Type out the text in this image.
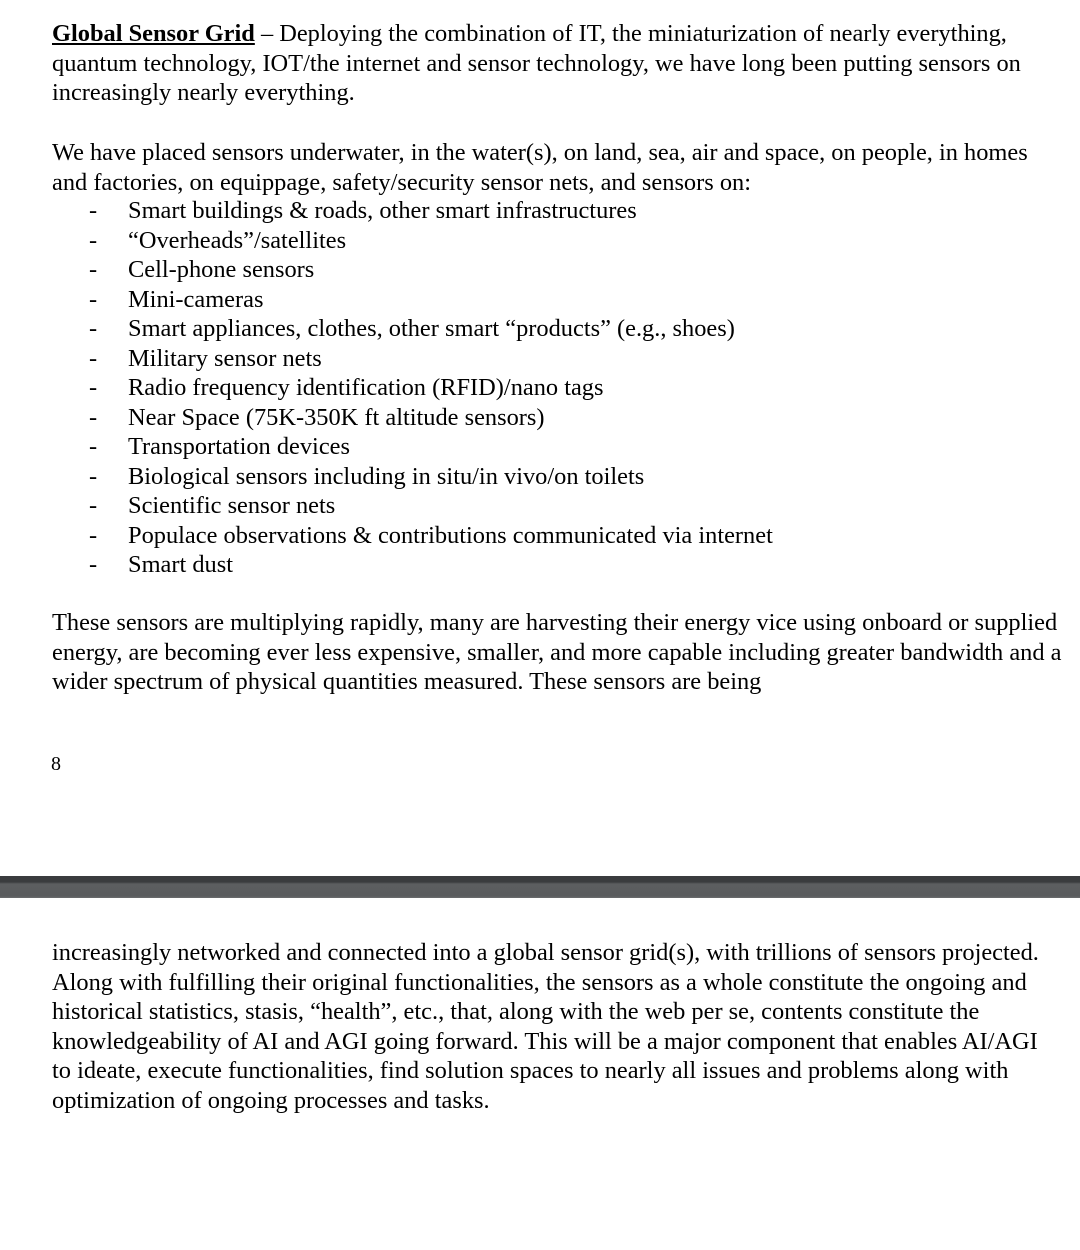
Global Sensor Grid – Deploying the combination of IT, the miniaturization of nearly everything, quantum technology, IOT/the internet and sensor technology, we have long been putting sensors on increasingly nearly everything.

We have placed sensors underwater, in the water(s), on land, sea, air and space, on people, in homes and factories, on equippage, safety/security sensor nets, and sensors on:

- Smart buildings & roads, other smart infrastructures
- “Overheads”/satellites
- Cell-phone sensors
- Mini-cameras
- Smart appliances, clothes, other smart “products” (e.g., shoes)
- Military sensor nets
- Radio frequency identification (RFID)/nano tags
- Near Space (75K-350K ft altitude sensors)
- Transportation devices
- Biological sensors including in situ/in vivo/on toilets
- Scientific sensor nets
- Populace observations & contributions communicated via internet
- Smart dust

These sensors are multiplying rapidly, many are harvesting their energy vice using onboard or supplied energy, are becoming ever less expensive, smaller, and more capable including greater bandwidth and a wider spectrum of physical quantities measured. These sensors are being

8

increasingly networked and connected into a global sensor grid(s), with trillions of sensors projected. Along with fulfilling their original functionalities, the sensors as a whole constitute the ongoing and historical statistics, stasis, “health”, etc., that, along with the web per se, contents constitute the knowledgeability of AI and AGI going forward. This will be a major component that enables AI/AGI to ideate, execute functionalities, find solution spaces to nearly all issues and problems along with optimization of ongoing processes and tasks.
